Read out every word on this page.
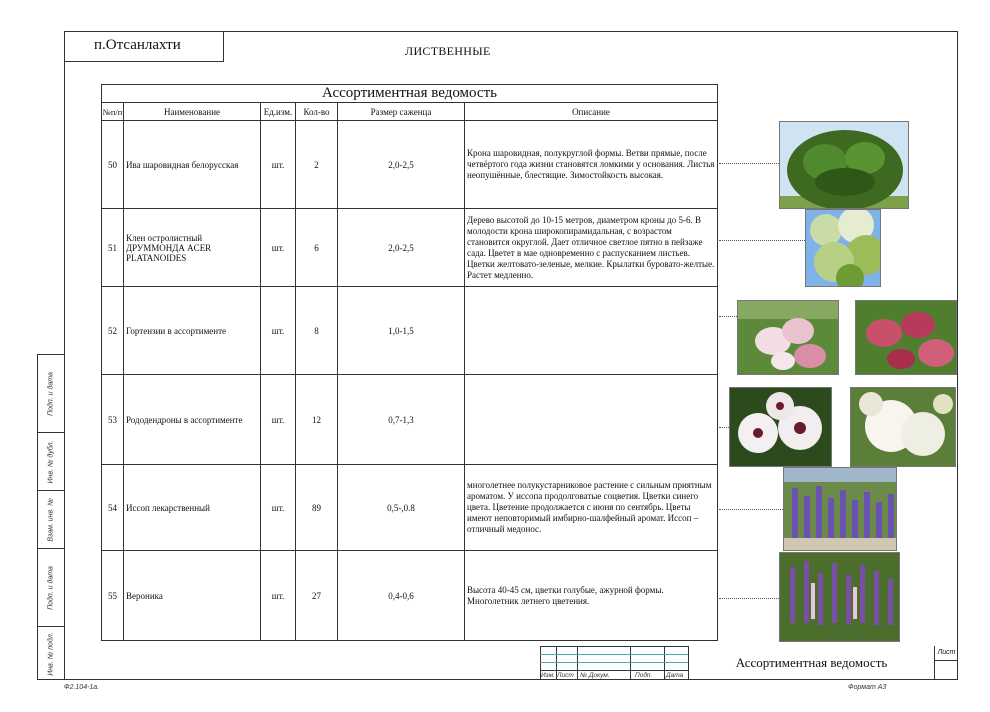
Подп. и дата
Инв. № дубл.
Взам. инв. №
Подп. и дата
Инв. № подл.
п.Отсанлахти	ЛИСТВЕННЫЕ
Ассортиментная ведомость					
№п/п	Наименование	Ед.изм.	Кол-во	Размер саженца	Описание
50	Ива шаровидная белорусская	шт.	2	2,0-2,5	Крона шаровидная, полукруглой формы. Ветви прямые, после четвёртого года жизни становятся ломкими у основания. Листья неопушённые, блестящие. Зимостойкость высокая.
51	Клен остролистный ДРУММОНДА ACER PLATANOIDES	шт.	6	2,0-2,5	Дерево высотой до 10-15 метров, диаметром кроны до 5-6. В молодости крона широкопирамидальная, с возрастом становится округлой. Дает отличное светлое пятно в пейзаже сада. Цветет в мае одновременно с распусканием листьев. Цветки желтовато-зеленые, мелкие. Крылатки буровато-желтые. Растет медленно.
52	Гортензии в ассортименте	шт.	8	1,0-1,5	
53	Рододендроны в ассортименте	шт.	12	0,7-1,3	
54	Иссоп лекарственный	шт.	89	0,5-,0.8	многолетнее полукустарниковое растение с сильным приятным ароматом. У иссопа продолговатые соцветия. Цветки синего цвета. Цветение продолжается с июня по сентябрь. Цветы имеют неповторимый имбирно-шалфейный аромат. Иссоп – отличный медонос.
55	Вероника	шт.	27	0,4-0,6	Высота 40-45 см, цветки голубые, ажурной формы. Многолетник летнего цветения.
Изм. Лист № Докум.	Подп. Дата
Ассортиментная ведомость
Лист
Ф2.104-1а.	Формат А3
